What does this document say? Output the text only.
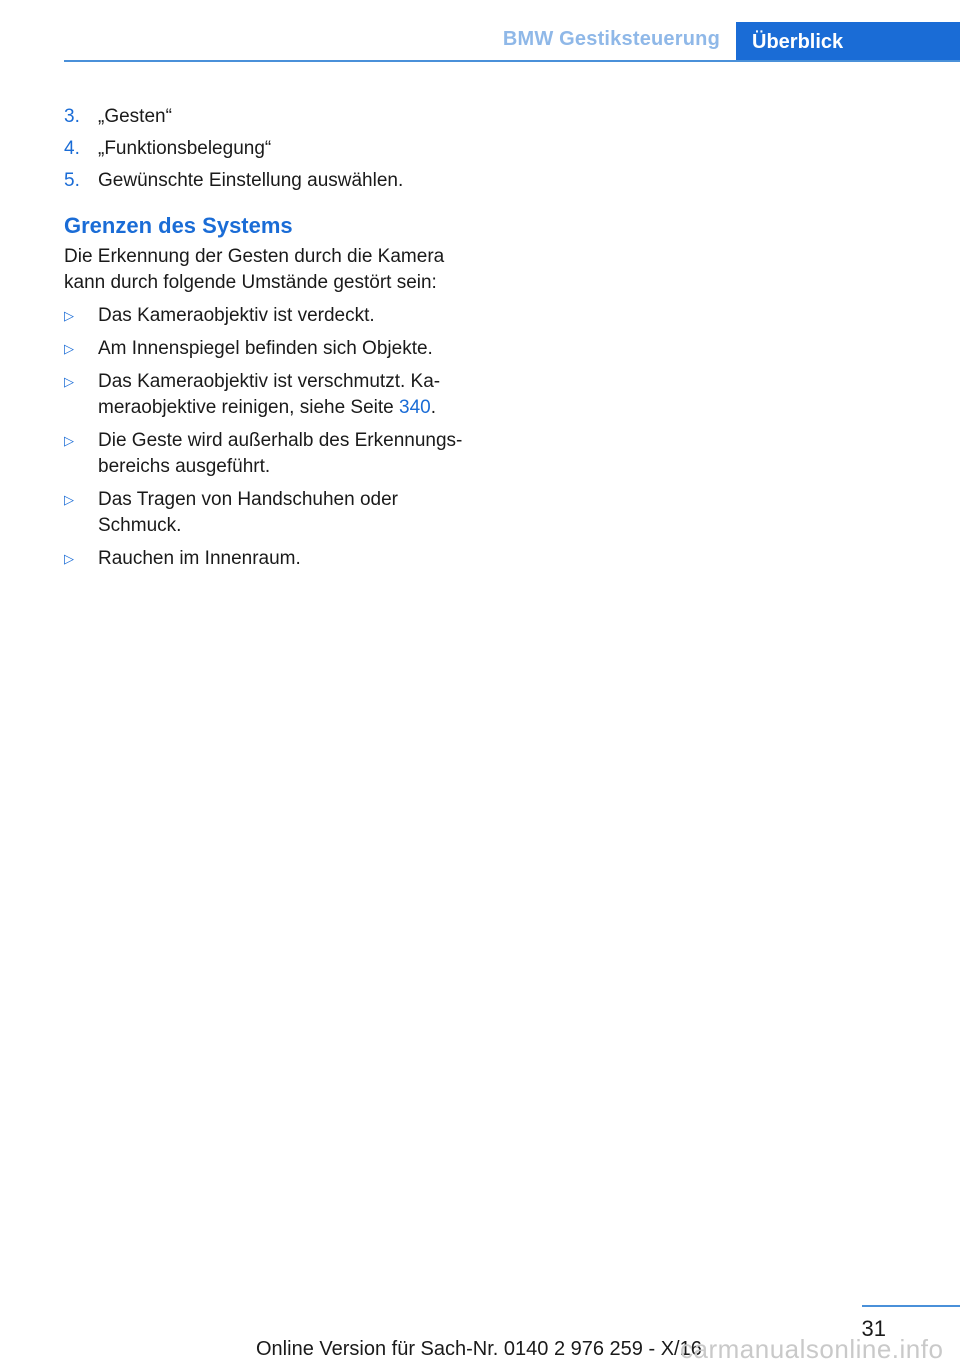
BMW Gestiksteuerung	Überblick
3. „Gesten“
4. „Funktionsbelegung“
5. Gewünschte Einstellung auswählen.
Grenzen des Systems
Die Erkennung der Gesten durch die Kamera kann durch folgende Umstände gestört sein:
▷	Das Kameraobjektiv ist verdeckt.
▷	Am Innenspiegel befinden sich Objekte.
▷	Das Kameraobjektiv ist verschmutzt. Kameraobjektive reinigen, siehe Seite 340.
▷	Die Geste wird außerhalb des Erkennungsbereichs ausgeführt.
▷	Das Tragen von Handschuhen oder Schmuck.
▷	Rauchen im Innenraum.
31
Online Version für Sach-Nr. 0140 2 976 259 - X/16
carmanualsonline.info
